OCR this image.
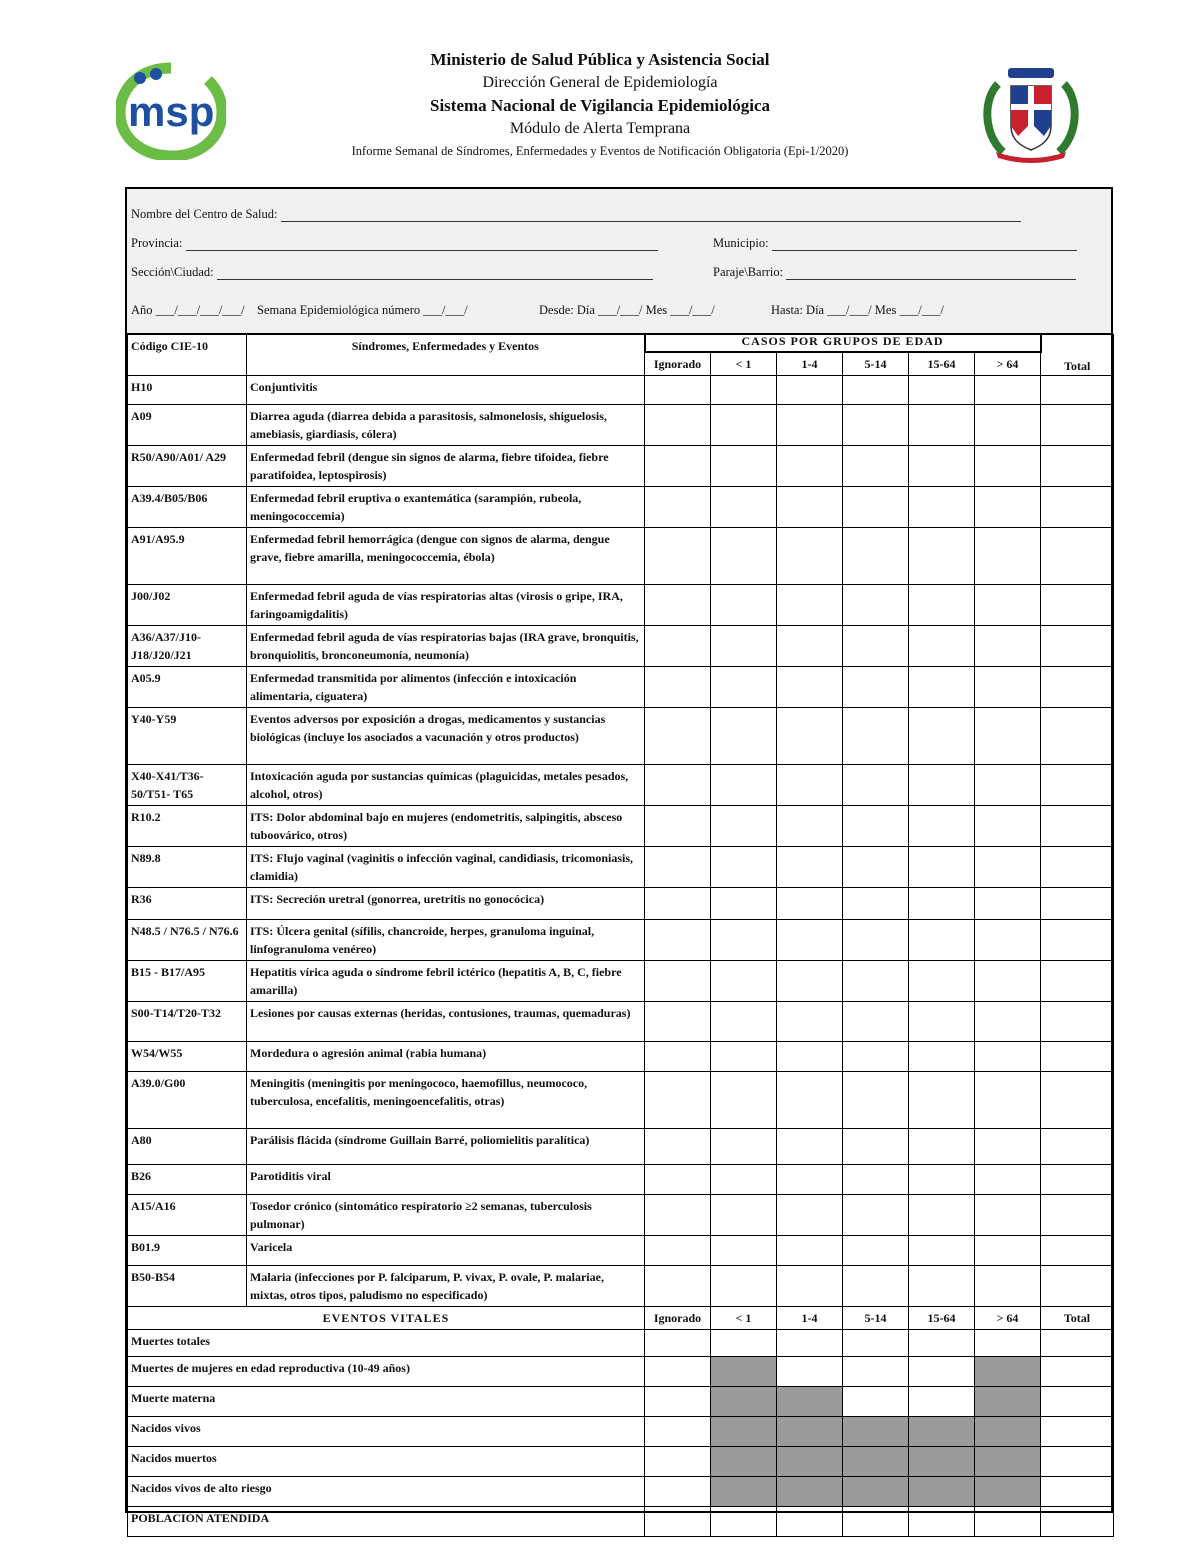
msp
Ministerio de Salud Pública y Asistencia Social
Dirección General de Epidemiología
Sistema Nacional de Vigilancia Epidemiológica
Módulo de Alerta Temprana
Informe Semanal de Síndromes, Enfermedades y Eventos de Notificación Obligatoria (Epi-1/2020)
Nombre del Centro de Salud:
Provincia:	Municipio:
Sección\Ciudad:	Paraje\Barrio:
Año ___/___/___/___/ Semana Epidemiológica número ___/___/	Desde: Día ___/___/ Mes ___/___/	Hasta: Día ___/___/ Mes ___/___/
Código CIE-10	Síndromes, Enfermedades y Eventos	CASOS POR GRUPOS DE EDAD						Total
		Ignorado	< 1	1-4	5-14	15-64	> 64	
H10	Conjuntivitis							
A09	Diarrea aguda (diarrea debida a parasitosis, salmonelosis, shiguelosis, amebiasis, giardiasis, cólera)							
R50/A90/A01/ A29	Enfermedad febril (dengue sin signos de alarma, fiebre tifoidea, fiebre paratifoidea, leptospirosis)							
A39.4/B05/B06	Enfermedad febril eruptiva o exantemática (sarampión, rubeola, meningococcemia)							
A91/A95.9	Enfermedad febril hemorrágica (dengue con signos de alarma, dengue grave, fiebre amarilla, meningococcemia, ébola)							
J00/J02	Enfermedad febril aguda de vías respiratorias altas (virosis o gripe, IRA, faringoamigdalitis)							
A36/A37/J10- J18/J20/J21	Enfermedad febril aguda de vías respiratorias bajas (IRA grave, bronquitis, bronquiolitis, bronconeumonía, neumonía)							
A05.9	Enfermedad transmitida por alimentos (infección e intoxicación alimentaria, ciguatera)							
Y40-Y59	Eventos adversos por exposición a drogas, medicamentos y sustancias biológicas (incluye los asociados a vacunación y otros productos)							
X40-X41/T36- 50/T51- T65	Intoxicación aguda por sustancias químicas (plaguicidas, metales pesados, alcohol, otros)							
R10.2	ITS: Dolor abdominal bajo en mujeres (endometritis, salpingitis, absceso tuboovárico, otros)							
N89.8	ITS: Flujo vaginal (vaginitis o infección vaginal, candidiasis, tricomoniasis, clamidia)							
R36	ITS: Secreción uretral (gonorrea, uretritis no gonocócica)							
N48.5 / N76.5 / N76.6	ITS: Úlcera genital (sífilis, chancroide, herpes, granuloma inguinal, linfogranuloma venéreo)							
B15 - B17/A95	Hepatitis vírica aguda o síndrome febril ictérico (hepatitis A, B, C, fiebre amarilla)							
S00-T14/T20-T32	Lesiones por causas externas (heridas, contusiones, traumas, quemaduras)							
W54/W55	Mordedura o agresión animal (rabia humana)							
A39.0/G00	Meningitis (meningitis por meningococo, haemofillus, neumococo, tuberculosa, encefalitis, meningoencefalitis, otras)							
A80	Parálisis flácida (síndrome Guillain Barré, poliomielitis paralítica)							
B26	Parotiditis viral							
A15/A16	Tosedor crónico (sintomático respiratorio ≥2 semanas, tuberculosis pulmonar)							
B01.9	Varicela							
B50-B54	Malaria (infecciones por P. falciparum, P. vivax, P. ovale, P. malariae, mixtas, otros tipos, paludismo no especificado)							
EVENTOS VITALES		Ignorado	< 1	1-4	5-14	15-64	> 64	Total
Muertes totales								
Muertes de mujeres en edad reproductiva (10-49 años)								
Muerte materna								
Nacidos vivos								
Nacidos muertos								
Nacidos vivos de alto riesgo								
POBLACIÓN ATENDIDA								
